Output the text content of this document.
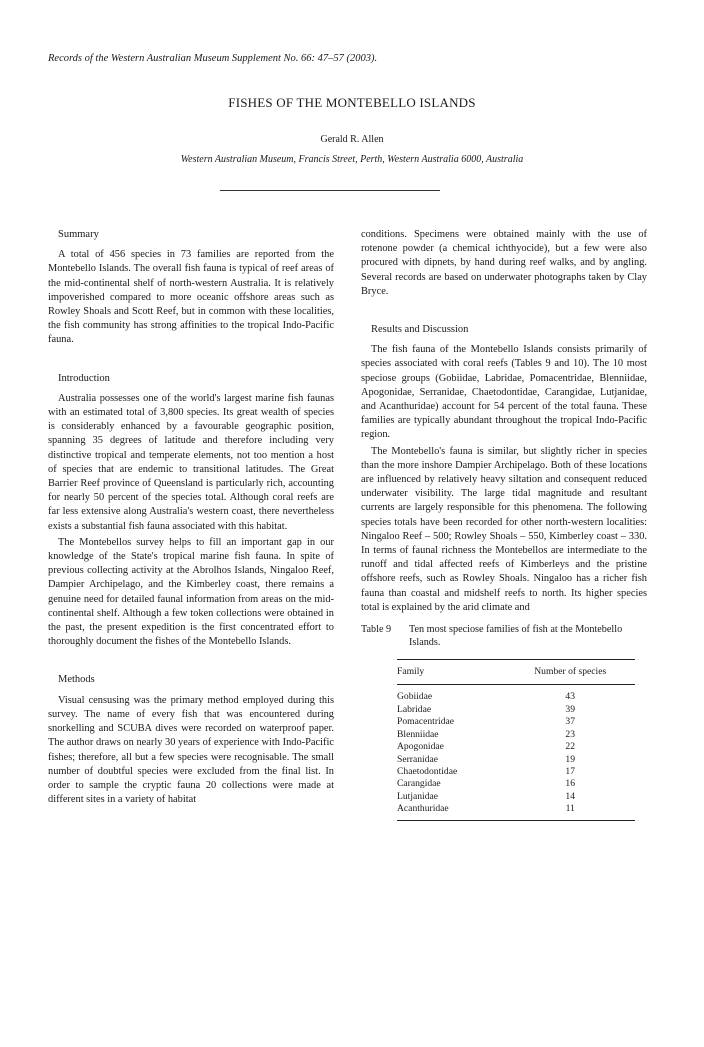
Records of the Western Australian Museum Supplement No. 66: 47–57 (2003).
FISHES OF THE MONTEBELLO ISLANDS
Gerald R. Allen
Western Australian Museum, Francis Street, Perth, Western Australia 6000, Australia

Summary

A total of 456 species in 73 families are reported from the Montebello Islands. The overall fish fauna is typical of reef areas of the mid-continental shelf of north-western Australia. It is relatively impoverished compared to more oceanic offshore areas such as Rowley Shoals and Scott Reef, but in common with these localities, the fish community has strong affinities to the tropical Indo-Pacific fauna.

Introduction

Australia possesses one of the world's largest marine fish faunas with an estimated total of 3,800 species. Its great wealth of species is considerably enhanced by a favourable geographic position, spanning 35 degrees of latitude and therefore including very distinctive tropical and temperate elements, not too mention a host of species that are endemic to transitional latitudes. The Great Barrier Reef province of Queensland is particularly rich, accounting for nearly 50 percent of the species total. Although coral reefs are far less extensive along Australia's western coast, there nevertheless exists a substantial fish fauna associated with this habitat.

The Montebellos survey helps to fill an important gap in our knowledge of the State's tropical marine fish fauna. In spite of previous collecting activity at the Abrolhos Islands, Ningaloo Reef, Dampier Archipelago, and the Kimberley coast, there remains a genuine need for detailed faunal information from areas on the mid-continental shelf. Although a few token collections were obtained in the past, the present expedition is the first concentrated effort to thoroughly document the fishes of the Montebello Islands.

Methods

Visual censusing was the primary method employed during this survey. The name of every fish that was encountered during snorkelling and SCUBA dives were recorded on waterproof paper. The author draws on nearly 30 years of experience with Indo-Pacific fishes; therefore, all but a few species were recognisable. The small number of doubtful species were excluded from the final list. In order to sample the cryptic fauna 20 collections were made at different sites in a variety of habitat

conditions. Specimens were obtained mainly with the use of rotenone powder (a chemical ichthyocide), but a few were also procured with dipnets, by hand during reef walks, and by angling. Several records are based on underwater photographs taken by Clay Bryce.

Results and Discussion

The fish fauna of the Montebello Islands consists primarily of species associated with coral reefs (Tables 9 and 10). The 10 most speciose groups (Gobiidae, Labridae, Pomacentridae, Blenniidae, Apogonidae, Serranidae, Chaetodontidae, Carangidae, Lutjanidae, and Acanthuridae) account for 54 percent of the total fauna. These families are typically abundant throughout the tropical Indo-Pacific region.

The Montebello's fauna is similar, but slightly richer in species than the more inshore Dampier Archipelago. Both of these locations are influenced by relatively heavy siltation and consequent reduced underwater visibility. The large tidal magnitude and resultant currents are largely responsible for this phenomena. The following species totals have been recorded for other north-western localities: Ningaloo Reef – 500; Rowley Shoals – 550, Kimberley coast – 330. In terms of faunal richness the Montebellos are intermediate to the runoff and tidal affected reefs of Kimberleys and the pristine offshore reefs, such as Rowley Shoals. Ningaloo has a richer fish fauna than coastal and midshelf reefs to north. Its higher species total is explained by the arid climate and

Table 9 Ten most speciose families of fish at the Montebello Islands.
Family	Number of species
Gobiidae	43
Labridae	39
Pomacentridae	37
Blenniidae	23
Apogonidae	22
Serranidae	19
Chaetodontidae	17
Carangidae	16
Lutjanidae	14
Acanthuridae	11
